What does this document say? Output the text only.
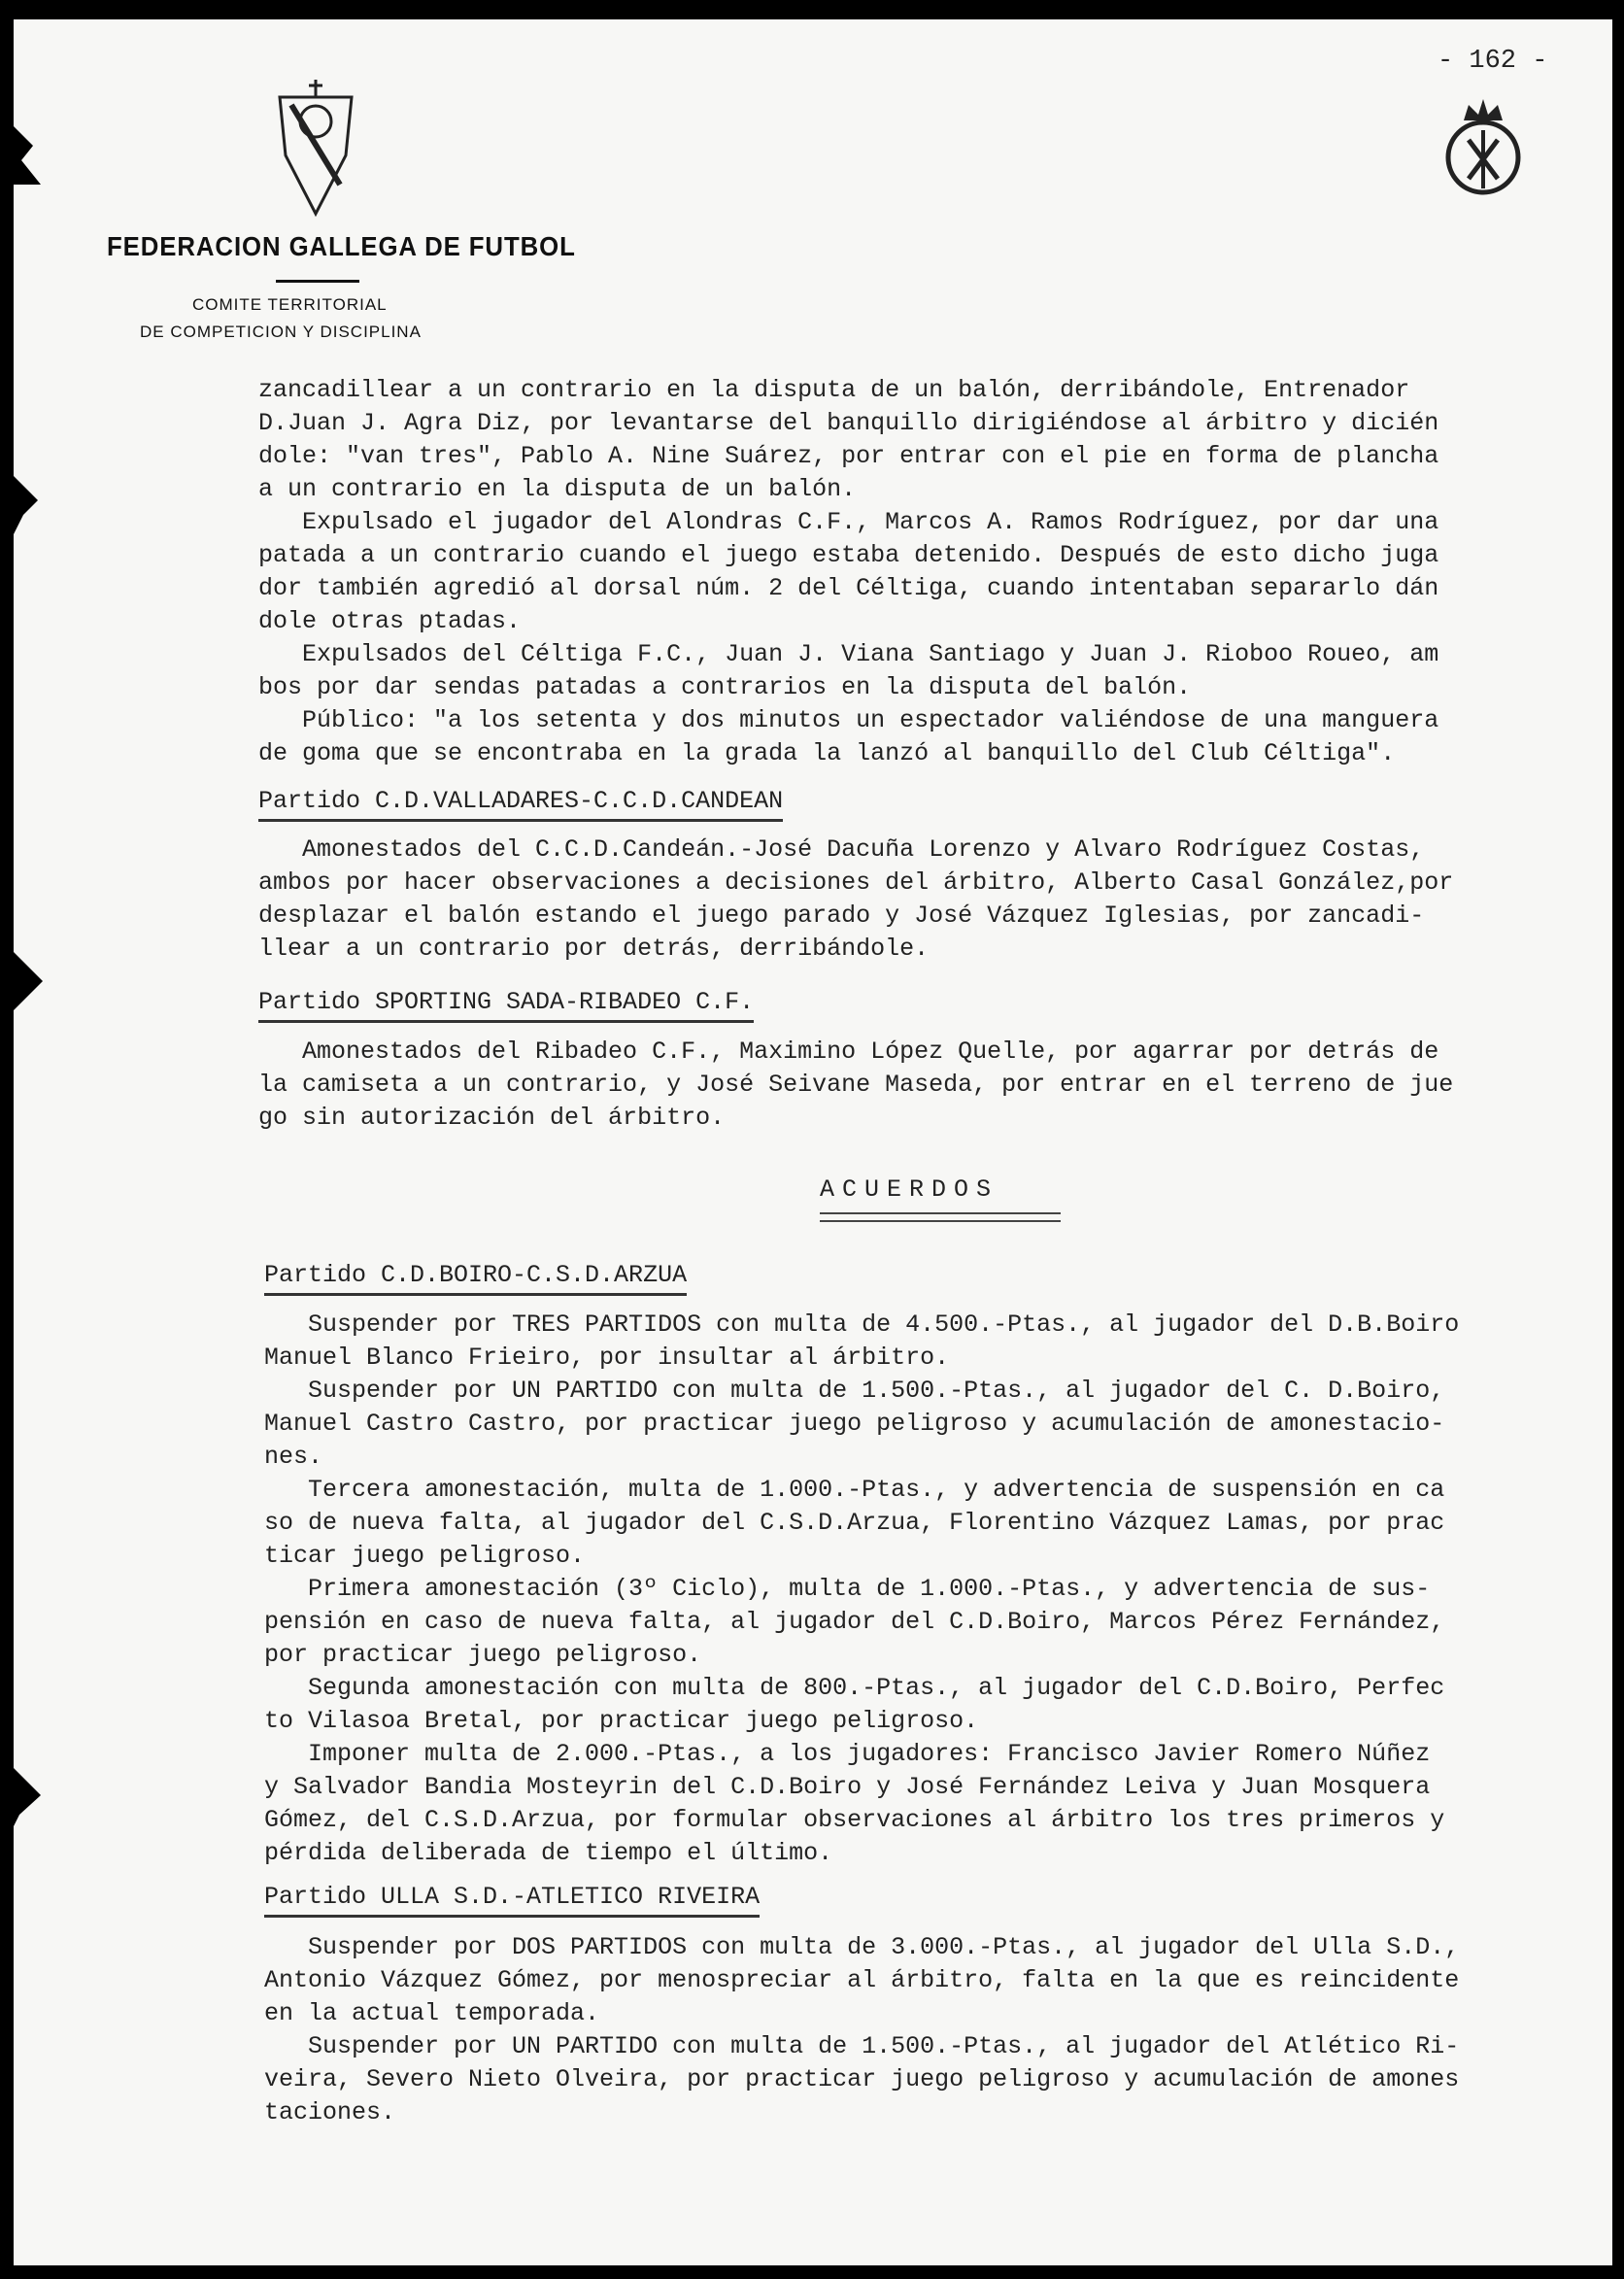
- 162 -
FEDERACION GALLEGA DE FUTBOL
COMITE TERRITORIAL
DE COMPETICION Y DISCIPLINA
zancadillear a un contrario en la disputa de un balón, derribándole, Entrenador
D.Juan J. Agra Diz, por levantarse del banquillo dirigiéndose al árbitro y dicién
dole: "van tres", Pablo A. Nine Suárez, por entrar con el pie en forma de plancha
a un contrario en la disputa de un balón.
Expulsado el jugador del Alondras C.F., Marcos A. Ramos Rodríguez, por dar una
patada a un contrario cuando el juego estaba detenido. Después de esto dicho juga
dor también agredió al dorsal núm. 2 del Céltiga, cuando intentaban separarlo dán
dole otras ptadas.
Expulsados del Céltiga F.C., Juan J. Viana Santiago y Juan J. Rioboo Roueo, am
bos por dar sendas patadas a contrarios en la disputa del balón.
Público: "a los setenta y dos minutos un espectador valiéndose de una manguera
de goma que se encontraba en la grada la lanzó al banquillo del Club Céltiga".
Partido C.D.VALLADARES-C.C.D.CANDEAN
Amonestados del C.C.D.Candeán.-José Dacuña Lorenzo y Alvaro Rodríguez Costas,
ambos por hacer observaciones a decisiones del árbitro, Alberto Casal González,por
desplazar el balón estando el juego parado y José Vázquez Iglesias, por zancadi-
llear a un contrario por detrás, derribándole.
Partido SPORTING SADA-RIBADEO C.F.
Amonestados del Ribadeo C.F., Maximino López Quelle, por agarrar por detrás de
la camiseta a un contrario, y José Seivane Maseda, por entrar en el terreno de jue
go sin autorización del árbitro.
ACUERDOS
Partido C.D.BOIRO-C.S.D.ARZUA
Suspender por TRES PARTIDOS con multa de 4.500.-Ptas., al jugador del D.B.Boiro
Manuel Blanco Frieiro, por insultar al árbitro.
Suspender por UN PARTIDO con multa de 1.500.-Ptas., al jugador del C. D.Boiro,
Manuel Castro Castro, por practicar juego peligroso y acumulación de amonestacio-
nes.
Tercera amonestación, multa de 1.000.-Ptas., y advertencia de suspensión en ca
so de nueva falta, al jugador del C.S.D.Arzua, Florentino Vázquez Lamas, por prac
ticar juego peligroso.
Primera amonestación (3º Ciclo), multa de 1.000.-Ptas., y advertencia de sus-
pensión en caso de nueva falta, al jugador del C.D.Boiro, Marcos Pérez Fernández,
por practicar juego peligroso.
Segunda amonestación con multa de 800.-Ptas., al jugador del C.D.Boiro, Perfec
to Vilasoa Bretal, por practicar juego peligroso.
Imponer multa de 2.000.-Ptas., a los jugadores: Francisco Javier Romero Núñez
y Salvador Bandia Mosteyrin del C.D.Boiro y José Fernández Leiva y Juan Mosquera
Gómez, del C.S.D.Arzua, por formular observaciones al árbitro los tres primeros y
pérdida deliberada de tiempo el último.
Partido ULLA S.D.-ATLETICO RIVEIRA
Suspender por DOS PARTIDOS con multa de 3.000.-Ptas., al jugador del Ulla S.D.,
Antonio Vázquez Gómez, por menospreciar al árbitro, falta en la que es reincidente
en la actual temporada.
Suspender por UN PARTIDO con multa de 1.500.-Ptas., al jugador del Atlético Ri-
veira, Severo Nieto Olveira, por practicar juego peligroso y acumulación de amones
taciones.
